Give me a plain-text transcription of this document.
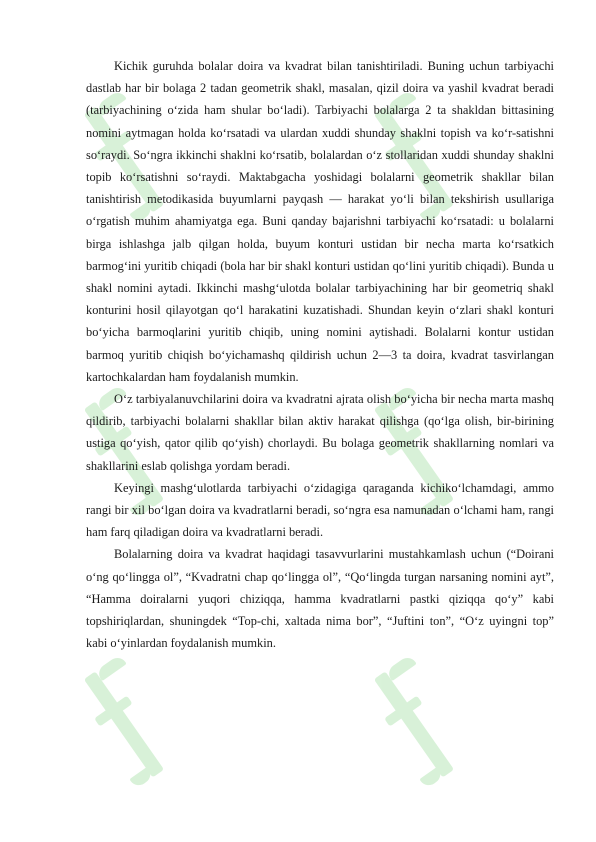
Kichik guruhda bolalar doira va kvadrat bilan tanishtiriladi. Buning uchun tarbiyachi dastlab har bir bolaga 2 tadan geometrik shakl, masalan, qizil doira va yashil kvadrat beradi (tarbiyachining o‘zida ham shular bo‘ladi). Tarbiyachi bolalarga 2 ta shakldan bittasining nomini aytmagan holda ko‘rsatadi va ulardan xuddi shunday shaklni topish va ko‘r-satishni so‘raydi. So‘ngra ikkinchi shaklni ko‘rsatib, bolalardan o‘z stollaridan xuddi shunday shaklni topib ko‘rsatishni so‘raydi. Maktabgacha yoshidagi bolalarni geometrik shakllar bilan tanishtirish metodikasida buyumlarni payqash — harakat yo‘li bilan tekshirish usullariga o‘rgatish muhim ahamiyatga ega. Buni qanday bajarishni tarbiyachi ko‘rsatadi: u bolalarni birga ishlashga jalb qilgan holda, buyum konturi ustidan bir necha marta ko‘rsatkich barmog‘ini yuritib chiqadi (bola har bir shakl konturi ustidan qo‘lini yuritib chiqadi). Bunda u shakl nomini aytadi. Ikkinchi mashg‘ulotda bolalar tarbiyachining har bir geometriq shakl konturini hosil qilayotgan qo‘l harakatini kuzatishadi. Shundan keyin o‘zlari shakl konturi bo‘yicha barmoqlarini yuritib chiqib, uning nomini aytishadi. Bolalarni kontur ustidan barmoq yuritib chiqish bo‘yichamashq qildirish uchun 2—3 ta doira, kvadrat tasvirlangan kartochkalardan ham foydalanish mumkin.

O‘z tarbiyalanuvchilarini doira va kvadratni ajrata olish bo‘yicha bir necha marta mashq qildirib, tarbiyachi bolalarni shakllar bilan aktiv harakat qilishga (qo‘lga olish, bir-birining ustiga qo‘yish, qator qilib qo‘yish) chorlaydi. Bu bolaga geometrik shakllarning nomlari va shakllarini eslab qolishga yordam beradi.

Keyingi mashg‘ulotlarda tarbiyachi o‘zidagiga qaraganda kichiko‘lchamdagi, ammo rangi bir xil bo‘lgan doira va kvadratlarni beradi, so‘ngra esa namunadan o‘lchami ham, rangi ham farq qiladigan doira va kvadratlarni beradi.

Bolalarning doira va kvadrat haqidagi tasavvurlarini mustahkamlash uchun (“Doirani o‘ng qo‘lingga ol”, “Kvadratni chap qo‘lingga ol”, “Qo‘lingda turgan narsaning nomini ayt”, “Hamma doiralarni yuqori chiziqqa, hamma kvadratlarni pastki qiziqqa qo‘y” kabi topshiriqlardan, shuningdek “Top-chi, xaltada nima bor”, “Juftini ton”, “O‘z uyingni top” kabi o‘yinlardan foydalanish mumkin.
